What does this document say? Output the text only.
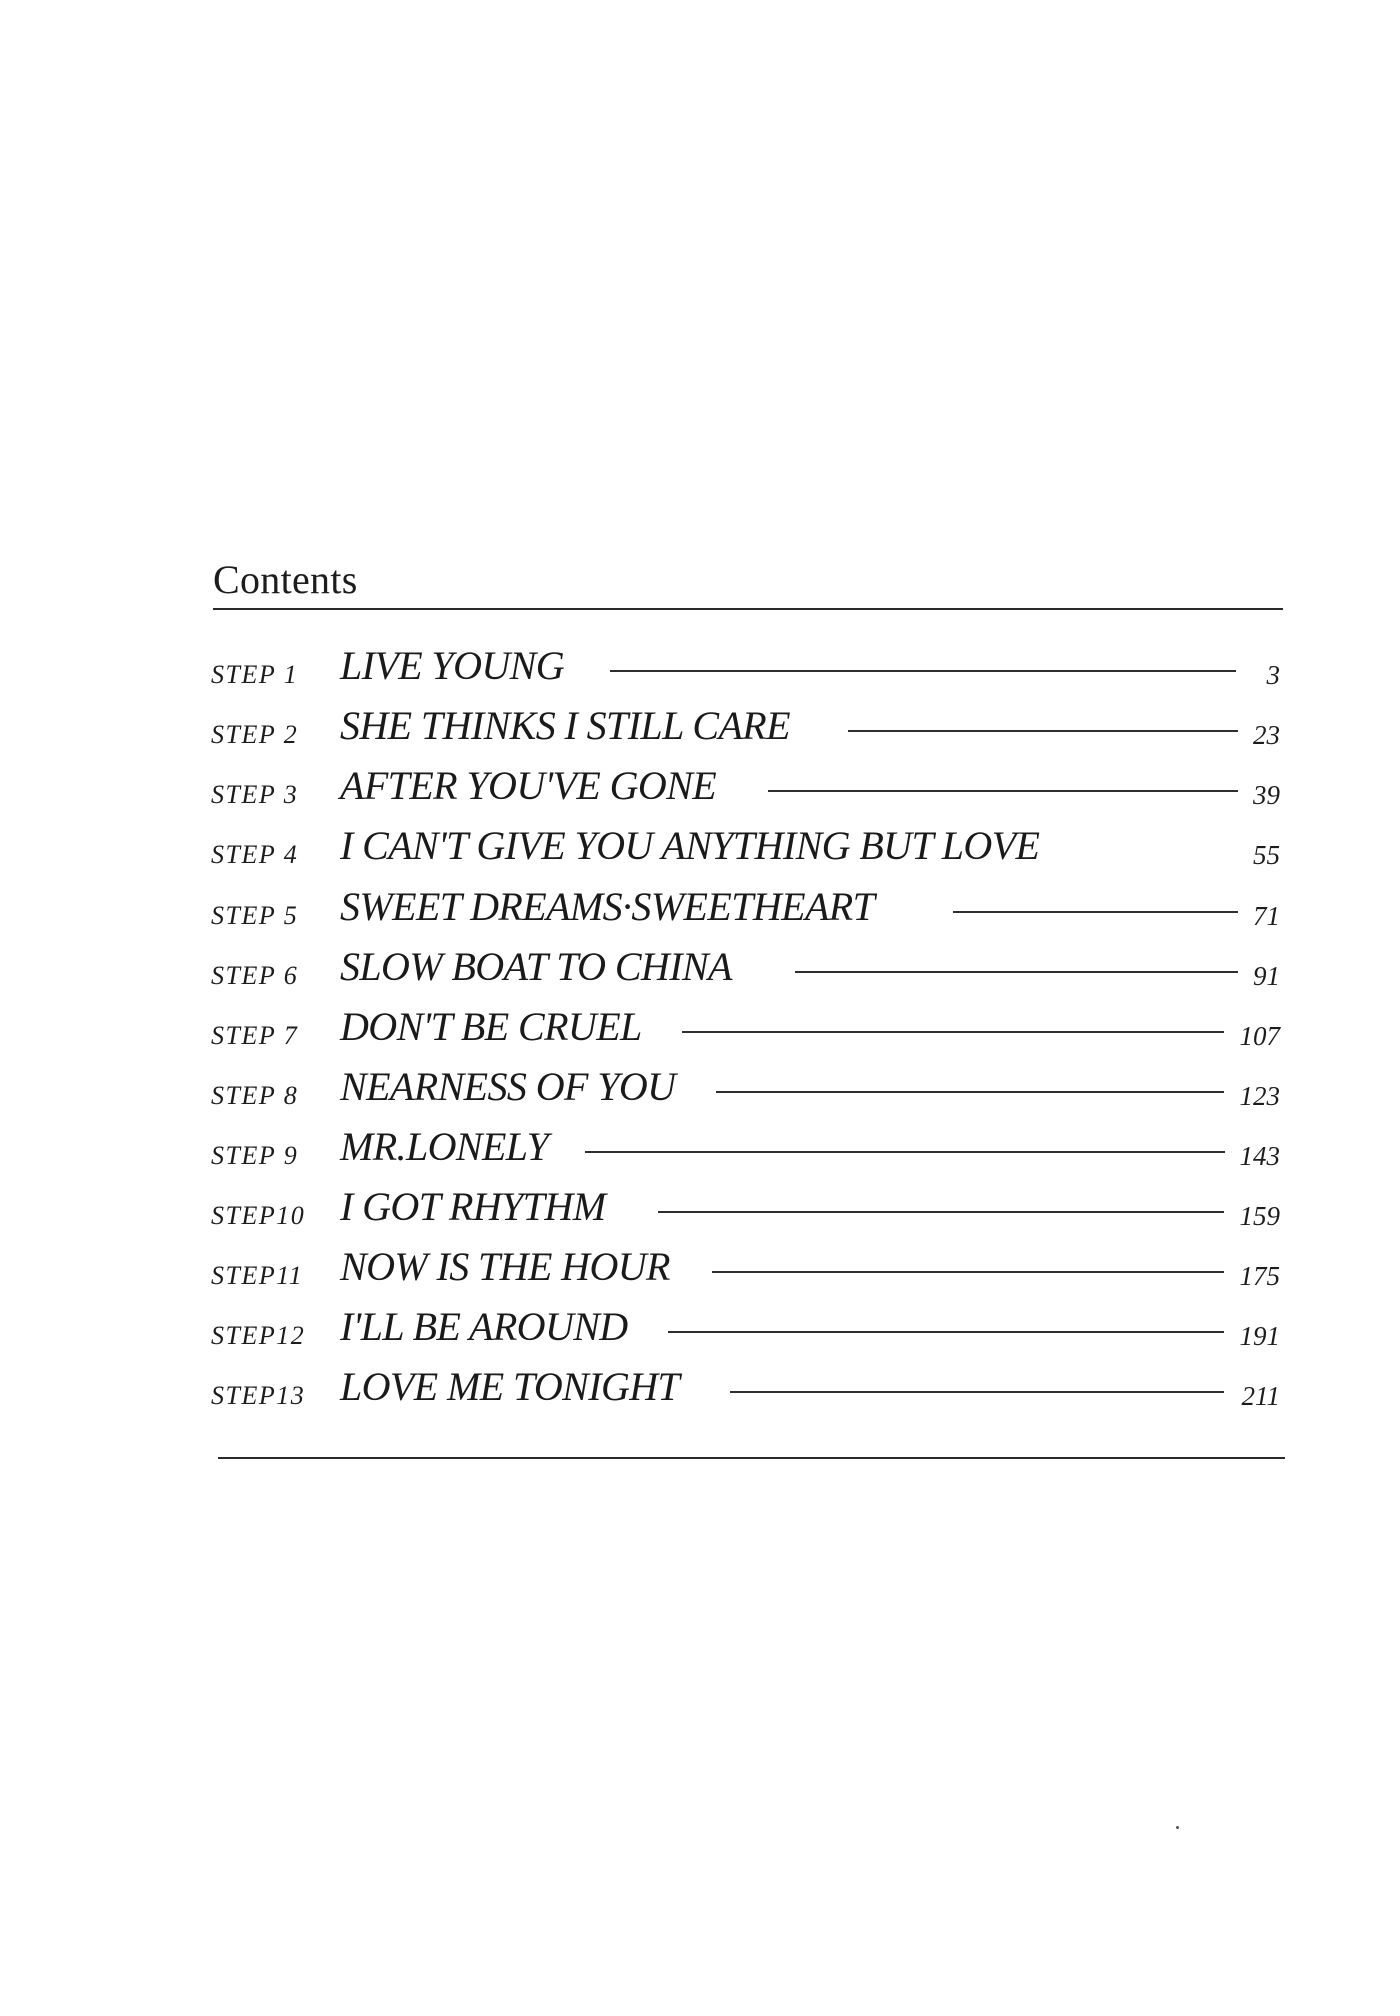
Contents
STEP 1 LIVE YOUNG	3
STEP 2 SHE THINKS I STILL CARE	23
STEP 3 AFTER YOU'VE GONE	39
STEP 4 I CAN'T GIVE YOU ANYTHING BUT LOVE	55
STEP 5 SWEET DREAMS·SWEETHEART	71
STEP 6 SLOW BOAT TO CHINA	91
STEP 7 DON'T BE CRUEL	107
STEP 8 NEARNESS OF YOU	123
STEP 9 MR.LONELY	143
STEP10 I GOT RHYTHM	159
STEP11 NOW IS THE HOUR	175
STEP12 I'LL BE AROUND	191
STEP13 LOVE ME TONIGHT	211
